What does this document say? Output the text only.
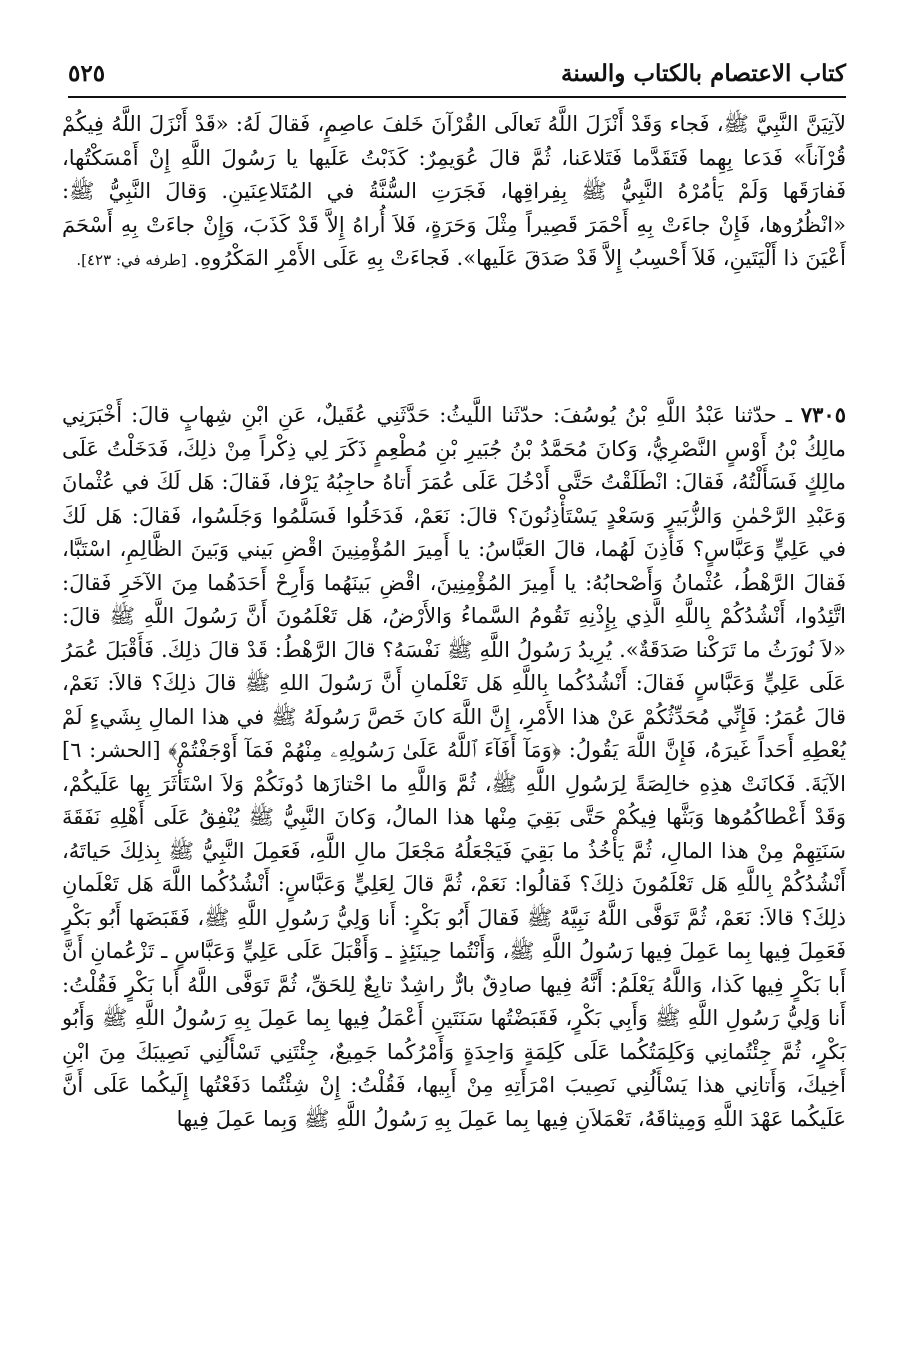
كتاب الاعتصام بالكتاب والسنة
٥٢٥
لآتِيَنَّ النَّبِيَّ ﷺ، فَجاء وَقَدْ أَنْزَلَ اللَّهُ تَعالَى القُرْآنَ خَلفَ عاصِمٍ، فَقالَ لَهُ: «قَدْ أَنْزَلَ اللَّهُ فِيكُمْ قُرْآناً» فَدَعا بِهِما فَتَقَدَّما فَتَلاعَنا، ثُمَّ قالَ عُوَيمِرٌ: كَذَبْتُ عَلَيها يا رَسُولَ اللَّهِ إِنْ أَمْسَكْتُها، فَفارَقَها وَلَمْ يَأمُرْهُ النَّبِيُّ ﷺ بِفِراقِها، فَجَرَتِ السُّنَّةُ في المُتَلاعِنَينِ. وَقالَ النَّبِيُّ ﷺ: «انْظُرُوها، فَإِنْ جاءَتْ بِهِ أَحْمَرَ قَصِيراً مِثْلَ وَحَرَةٍ، فَلاَ أُراهُ إِلاَّ قَدْ كَذَبَ، وَإِنْ جاءَتْ بِهِ أَسْحَمَ أَعْيَنَ ذا أَلْيَتَينِ، فَلاَ أَحْسِبُ إِلاَّ قَدْ صَدَقَ عَلَيها». فَجاءَتْ بِهِ عَلَى الأَمْرِ المَكْرُوهِ. [طرفه في: ٤٢٣].
٧٣٠٥ ـ حدّثنا عَبْدُ اللَّهِ بْنُ يُوسُفَ: حدّثَنا اللَّيثُ: حَدَّثَنِي عُقَيلٌ، عَنِ ابْنِ شِهابٍ قالَ: أَخْبَرَنِي مالِكُ بْنُ أَوْسٍ النَّصْرِيُّ، وَكانَ مُحَمَّدُ بْنُ جُبَيرِ بْنِ مُطْعِمٍ ذَكَرَ لِي ذِكْراً مِنْ ذلِكَ، فَدَخَلْتُ عَلَى مالِكٍ فَسَأَلْتُهُ، فَقالَ: انْطَلَقْتُ حَتَّى أَدْخُلَ عَلَى عُمَرَ أَتاهُ حاجِبُهُ يَرْفا، فَقالَ: هَل لَكَ في عُثْمانَ وَعَبْدِ الرَّحْمٰنِ وَالزُّبَيرِ وَسَعْدٍ يَسْتَأْذِنُونَ؟ قالَ: نَعَمْ، فَدَخَلُوا فَسَلَّمُوا وَجَلَسُوا، فَقالَ: هَل لَكَ في عَلِيٍّ وَعَبَّاسٍ؟ فَأَذِنَ لَهُما، قالَ العَبَّاسُ: يا أَمِيرَ المُؤْمِنِينَ اقْضِ بَيني وَبَينَ الظَّالِمِ، اسْتَبَّا، فَقالَ الرَّهْطُ، عُثْمانُ وَأَصْحابُهُ: يا أَمِيرَ المُؤْمِنِينَ، اقْضِ بَينَهُما وَأَرِحْ أَحَدَهُما مِنَ الآخَرِ فَقالَ: اتَّئِدُوا، أَنْشُدُكُمْ بِاللَّهِ الَّذِي بِإِذْنِهِ تَقُومُ السَّماءُ وَالأَرْضُ، هَل تَعْلَمُونَ أَنَّ رَسُولَ اللَّهِ ﷺ قالَ: «لاَ نُورَثُ ما تَرَكْنا صَدَقَةٌ». يُرِيدُ رَسُولُ اللَّهِ ﷺ نَفْسَهُ؟ قالَ الرَّهْطُ: قَدْ قالَ ذلِكَ. فَأَقْبَلَ عُمَرُ عَلَى عَلِيٍّ وَعَبَّاسٍ فَقالَ: أَنْشُدُكُما بِاللَّهِ هَل تَعْلَمانِ أَنَّ رَسُولَ اللهِ ﷺ قالَ ذلِكَ؟ قالاَ: نَعَمْ، قالَ عُمَرُ: فَإِنِّي مُحَدِّثُكُمْ عَنْ هذا الأَمْرِ، إِنَّ اللَّهَ كانَ خَصَّ رَسُولَهُ ﷺ في هذا المالِ بِشَيءٍ لَمْ يُعْطِهِ أَحَداً غَيرَهُ، فَإِنَّ اللَّهَ يَقُولُ: ﴿وَمَآ أَفَآءَ ٱللَّهُ عَلَىٰ رَسُولِهِۦ مِنْهُمْ فَمَآ أَوْجَفْتُمْ﴾ [الحشر: ٦] الآيَةَ. فَكانَتْ هذِهِ خالِصَةً لِرَسُولِ اللَّهِ ﷺ، ثُمَّ وَاللَّهِ ما احْتازَها دُونَكُمْ وَلاَ اسْتَأْثَرَ بِها عَلَيكُمْ، وَقَدْ أَعْطاكُمُوها وَبَثَّها فِيكُمْ حَتَّى بَقِيَ مِنْها هذا المالُ، وَكانَ النَّبِيُّ ﷺ يُنْفِقُ عَلَى أَهْلِهِ نَفَقَةَ سَنَتِهِمْ مِنْ هذا المالِ، ثُمَّ يَأْخُذُ ما بَقِيَ فَيَجْعَلُهُ مَجْعَلَ مالِ اللَّهِ، فَعَمِلَ النَّبِيُّ ﷺ بِذلِكَ حَياتَهُ، أَنْشُدُكُمْ بِاللَّهِ هَل تَعْلَمُونَ ذلِكَ؟ فَقالُوا: نَعَمْ، ثُمَّ قالَ لِعَلِيٍّ وَعَبَّاسٍ: أَنْشُدُكُما اللَّهَ هَل تَعْلَمانِ ذلِكَ؟ قالاَ: نَعَمْ، ثُمَّ تَوَفَّى اللَّهُ نَبِيَّهُ ﷺ فَقالَ أَبُو بَكْرٍ: أَنا وَلِيُّ رَسُولِ اللَّهِ ﷺ، فَقَبَضَها أَبُو بَكْرٍ فَعَمِلَ فِيها بِما عَمِلَ فِيها رَسُولُ اللَّهِ ﷺ، وَأَنْتُما حِينَئِذٍ ـ وَأَقْبَلَ عَلَى عَلِيٍّ وَعَبَّاسٍ ـ تَزْعُمانِ أَنَّ أَبا بَكْرٍ فِيها كَذا، وَاللَّهُ يَعْلَمُ: أَنَّهُ فِيها صادِقٌ بارٌّ راشِدٌ تابِعٌ لِلحَقِّ، ثُمَّ تَوَفَّى اللَّهُ أَبا بَكْرٍ فَقُلْتُ: أَنا وَلِيُّ رَسُولِ اللَّهِ ﷺ وَأَبِي بَكْرٍ، فَقَبَضْتُها سَنَتَينِ أَعْمَلُ فِيها بِما عَمِلَ بِهِ رَسُولُ اللَّهِ ﷺ وَأَبُو بَكْرٍ، ثُمَّ جِئْتُمانِي وَكَلِمَتُكُما عَلَى كَلِمَةٍ وَاحِدَةٍ وَأَمْرُكُما جَمِيعٌ، جِئْتَنِي تَسْأَلُنِي نَصِيبَكَ مِنَ ابْنِ أَخِيكَ، وَأَتانِي هذا يَسْأَلُنِي نَصِيبَ امْرَأَتِهِ مِنْ أَبِيها، فَقُلْتُ: إِنْ شِئْتُما دَفَعْتُها إِلَيكُما عَلَى أَنَّ عَلَيكُما عَهْدَ اللَّهِ وَمِيثاقَهُ، تَعْمَلاَنِ فِيها بِما عَمِلَ بِهِ رَسُولُ اللَّهِ ﷺ وَبِما عَمِلَ فِيها
